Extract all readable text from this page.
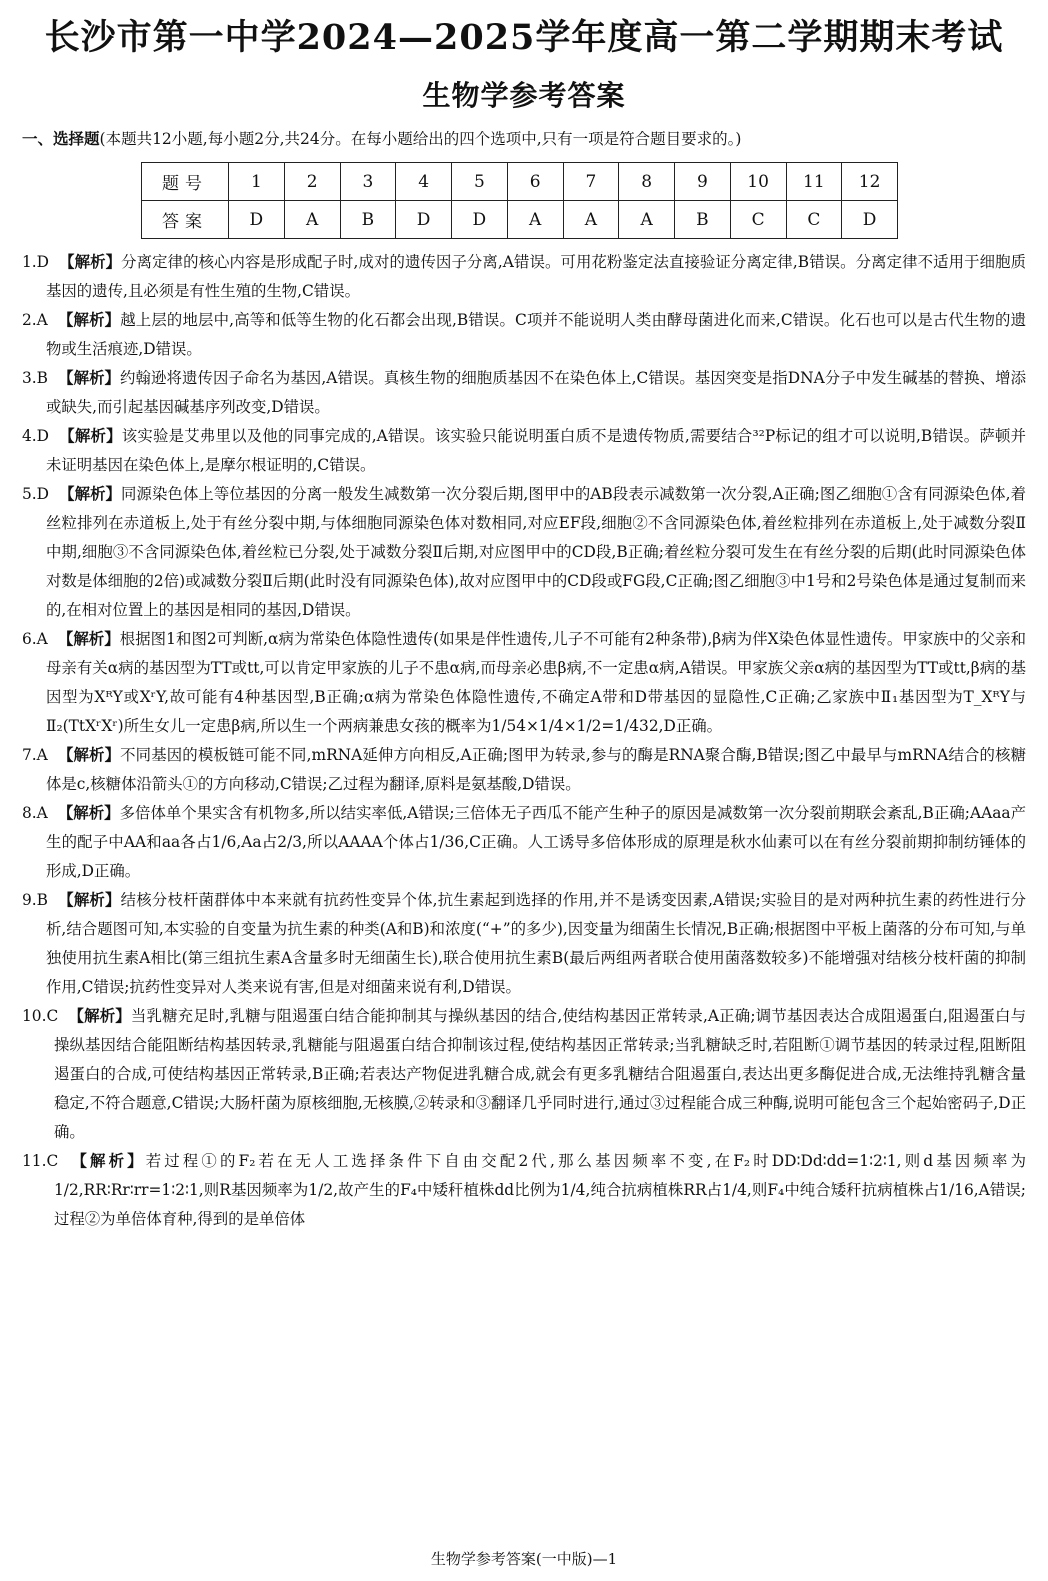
长沙市第一中学2024—2025学年度高一第二学期期末考试
生物学参考答案
一、选择题(本题共12小题,每小题2分,共24分。在每小题给出的四个选项中,只有一项是符合题目要求的。)
题号	1	2	3	4	5	6	7	8	9	10	11	12
答案	D	A	B	D	D	A	A	A	B	C	C	D
1.D 【解析】分离定律的核心内容是形成配子时,成对的遗传因子分离,A错误。可用花粉鉴定法直接验证分离定律,B错误。分离定律不适用于细胞质基因的遗传,且必须是有性生殖的生物,C错误。
2.A 【解析】越上层的地层中,高等和低等生物的化石都会出现,B错误。C项并不能说明人类由酵母菌进化而来,C错误。化石也可以是古代生物的遗物或生活痕迹,D错误。
3.B 【解析】约翰逊将遗传因子命名为基因,A错误。真核生物的细胞质基因不在染色体上,C错误。基因突变是指DNA分子中发生碱基的替换、增添或缺失,而引起基因碱基序列改变,D错误。
4.D 【解析】该实验是艾弗里以及他的同事完成的,A错误。该实验只能说明蛋白质不是遗传物质,需要结合³²P标记的组才可以说明,B错误。萨顿并未证明基因在染色体上,是摩尔根证明的,C错误。
5.D 【解析】同源染色体上等位基因的分离一般发生减数第一次分裂后期,图甲中的AB段表示减数第一次分裂,A正确;图乙细胞①含有同源染色体,着丝粒排列在赤道板上,处于有丝分裂中期,与体细胞同源染色体对数相同,对应EF段,细胞②不含同源染色体,着丝粒排列在赤道板上,处于减数分裂Ⅱ中期,细胞③不含同源染色体,着丝粒已分裂,处于减数分裂Ⅱ后期,对应图甲中的CD段,B正确;着丝粒分裂可发生在有丝分裂的后期(此时同源染色体对数是体细胞的2倍)或减数分裂Ⅱ后期(此时没有同源染色体),故对应图甲中的CD段或FG段,C正确;图乙细胞③中1号和2号染色体是通过复制而来的,在相对位置上的基因是相同的基因,D错误。
6.A 【解析】根据图1和图2可判断,α病为常染色体隐性遗传(如果是伴性遗传,儿子不可能有2种条带),β病为伴X染色体显性遗传。甲家族中的父亲和母亲有关α病的基因型为TT或tt,可以肯定甲家族的儿子不患α病,而母亲必患β病,不一定患α病,A错误。甲家族父亲α病的基因型为TT或tt,β病的基因型为XᴿY或XʳY,故可能有4种基因型,B正确;α病为常染色体隐性遗传,不确定A带和D带基因的显隐性,C正确;乙家族中Ⅱ₁基因型为T_XᴿY与Ⅱ₂(TtXʳXʳ)所生女儿一定患β病,所以生一个两病兼患女孩的概率为1/54×1/4×1/2=1/432,D正确。
7.A 【解析】不同基因的模板链可能不同,mRNA延伸方向相反,A正确;图甲为转录,参与的酶是RNA聚合酶,B错误;图乙中最早与mRNA结合的核糖体是c,核糖体沿箭头①的方向移动,C错误;乙过程为翻译,原料是氨基酸,D错误。
8.A 【解析】多倍体单个果实含有机物多,所以结实率低,A错误;三倍体无子西瓜不能产生种子的原因是减数第一次分裂前期联会紊乱,B正确;AAaa产生的配子中AA和aa各占1/6,Aa占2/3,所以AAAA个体占1/36,C正确。人工诱导多倍体形成的原理是秋水仙素可以在有丝分裂前期抑制纺锤体的形成,D正确。
9.B 【解析】结核分枝杆菌群体中本来就有抗药性变异个体,抗生素起到选择的作用,并不是诱变因素,A错误;实验目的是对两种抗生素的药性进行分析,结合题图可知,本实验的自变量为抗生素的种类(A和B)和浓度(“+”的多少),因变量为细菌生长情况,B正确;根据图中平板上菌落的分布可知,与单独使用抗生素A相比(第三组抗生素A含量多时无细菌生长),联合使用抗生素B(最后两组两者联合使用菌落数较多)不能增强对结核分枝杆菌的抑制作用,C错误;抗药性变异对人类来说有害,但是对细菌来说有利,D错误。
10.C 【解析】当乳糖充足时,乳糖与阻遏蛋白结合能抑制其与操纵基因的结合,使结构基因正常转录,A正确;调节基因表达合成阻遏蛋白,阻遏蛋白与操纵基因结合能阻断结构基因转录,乳糖能与阻遏蛋白结合抑制该过程,使结构基因正常转录;当乳糖缺乏时,若阻断①调节基因的转录过程,阻断阻遏蛋白的合成,可使结构基因正常转录,B正确;若表达产物促进乳糖合成,就会有更多乳糖结合阻遏蛋白,表达出更多酶促进合成,无法维持乳糖含量稳定,不符合题意,C错误;大肠杆菌为原核细胞,无核膜,②转录和③翻译几乎同时进行,通过③过程能合成三种酶,说明可能包含三个起始密码子,D正确。
11.C 【解析】若过程①的F₂若在无人工选择条件下自由交配2代,那么基因频率不变,在F₂时DD∶Dd∶dd=1∶2∶1,则d基因频率为1/2,RR∶Rr∶rr=1∶2∶1,则R基因频率为1/2,故产生的F₄中矮秆植株dd比例为1/4,纯合抗病植株RR占1/4,则F₄中纯合矮秆抗病植株占1/16,A错误;过程②为单倍体育种,得到的是单倍体
生物学参考答案(一中版)—1
